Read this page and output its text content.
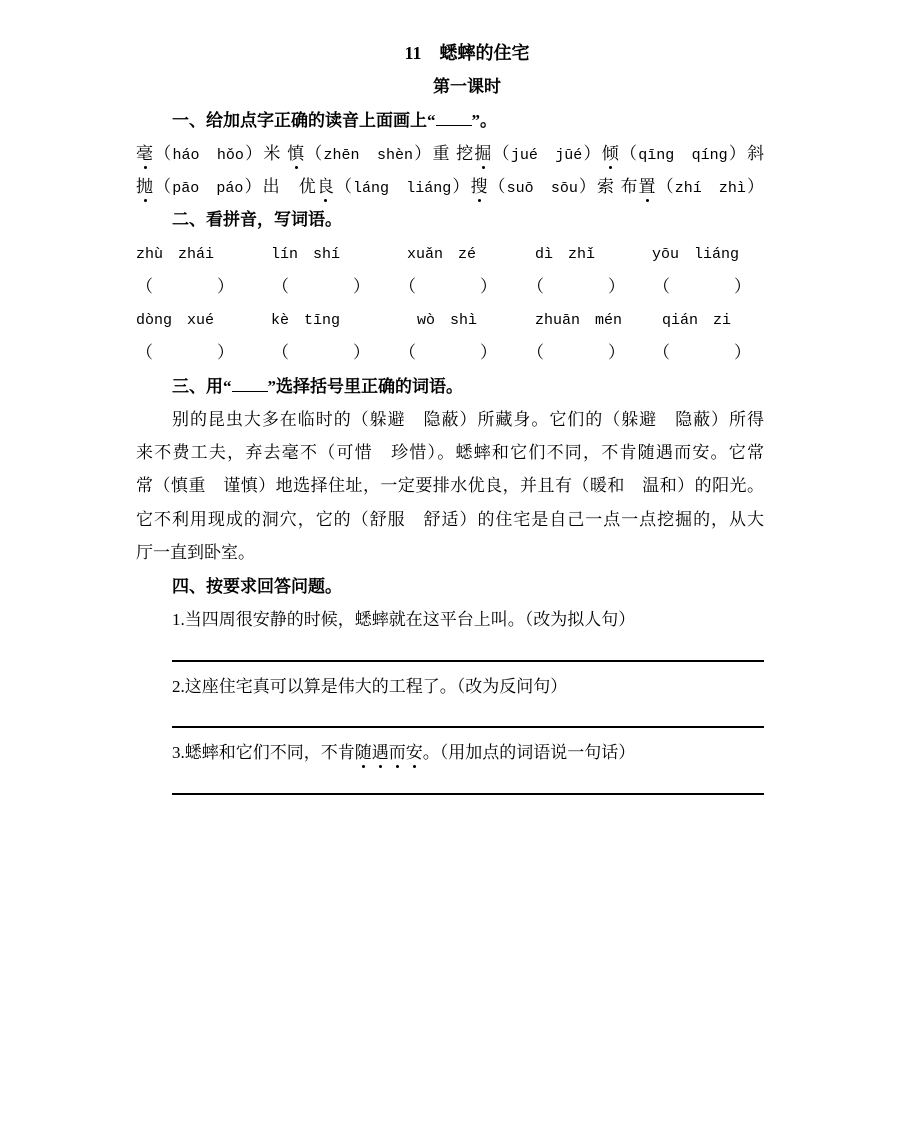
11 蟋蟀的住宅
第一课时
一、给加点字正确的读音上面画上“ ”。
毫（háo　hǒo）米 慎（zhēn　shèn）重 挖掘（jué　jūé）倾（qīng　qíng）斜
抛（pāo　páo）出　优良（láng　liáng）搜（suō　sōu）索 布置（zhí　zhì）
二、看拼音，写词语。
zhù　zhái	lín　shí	xuǎn　zé	dì　zhǐ	yōu　liáng
（	） （	） （	） （	） （	）
dòng　xué	kè　tīng	wò　shì	zhuān　mén	qián　zi
（	） （	） （	） （	） （	）
三、用“ ”选择括号里正确的词语。
别的昆虫大多在临时的（躲避　隐蔽）所藏身。它们的（躲避　隐蔽）所得
来不费工夫，弃去毫不（可惜　珍惜）。蟋蟀和它们不同，不肯随遇而安。它常
常（慎重　谨慎）地选择住址，一定要排水优良，并且有（暖和　温和）的阳光。
它不利用现成的洞穴，它的（舒服　舒适）的住宅是自己一点一点挖掘的，从大
厅一直到卧室。
四、按要求回答问题。
1.当四周很安静的时候，蟋蟀就在这平台上叫。（改为拟人句）
2.这座住宅真可以算是伟大的工程了。（改为反问句）
3.蟋蟀和它们不同，不肯随遇而安。（用加点的词语说一句话）
